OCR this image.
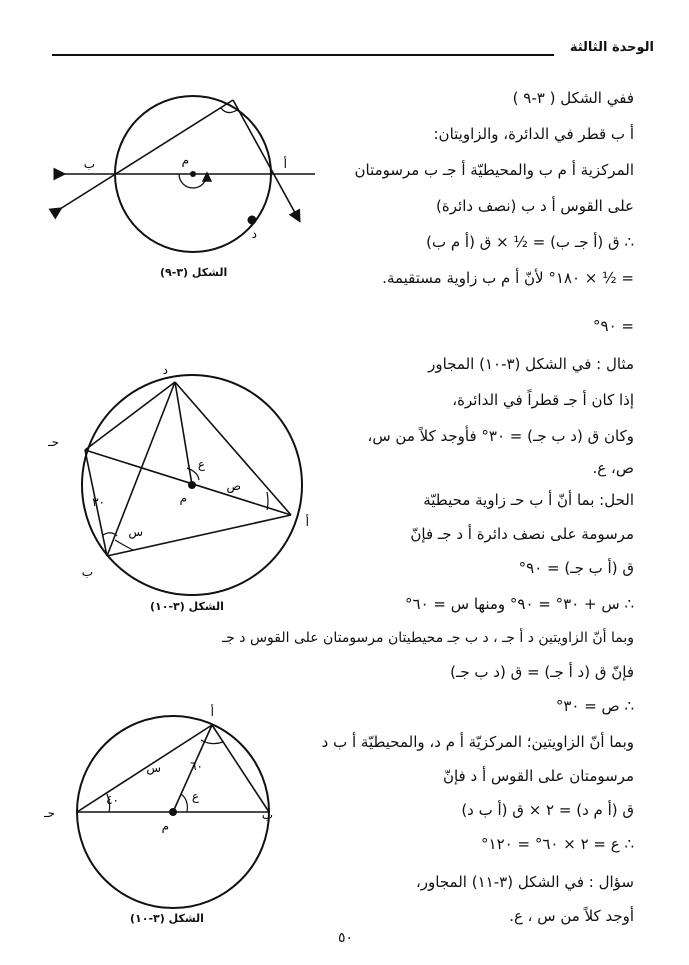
الوحدة الثالثة
أ
ب	م
د
الشكل (٣-٩)
د
حـ
أ
ب
م
س
٣٠
ع
ص
الشكل (٣-١٠)
أ
حـ	ب
م
س
٤٠
٦٠
ع
الشكل (٣-١٠)
ففي الشكل ( ٣-٩ )
أ ب قطر في الدائرة، والزاويتان:
المركزية أ م ب والمحيطيّة أ جـ ب مرسومتان
على القوس أ د ب (نصف دائرة)
∴ ق (أ جـ ب) = ½ × ق (أ م ب)
= ½ × ١٨٠° لأنّ أ م ب زاوية مستقيمة.
= ٩٠°
مثال : في الشكل (٣-١٠) المجاور
إذا كان أ جـ قطراً في الدائرة،
وكان ق (د ب جـ) = ٣٠° فأوجد كلاً من س،
ص، ع.
الحل: بما أنّ أ ب حـ زاوية محيطيّة
مرسومة على نصف دائرة أ د جـ فإنّ
ق (أ ب جـ) = ٩٠°
∴ س + ٣٠° = ٩٠° ومنها س = ٦٠°
وبما أنّ الزاويتين د أ جـ ، د ب جـ محيطيتان مرسومتان على القوس د جـ
فإنّ ق (د أ جـ) = ق (د ب جـ)
∴ ص = ٣٠°
وبما أنّ الزاويتين؛ المركزيّة أ م د، والمحيطيّة أ ب د
مرسومتان على القوس أ د فإنّ
ق (أ م د) = ٢ × ق (أ ب د)
∴ ع = ٢ × ٦٠° = ١٢٠°
سؤال : في الشكل (٣-١١) المجاور،
أوجد كلاً من س ، ع.
٥٠
